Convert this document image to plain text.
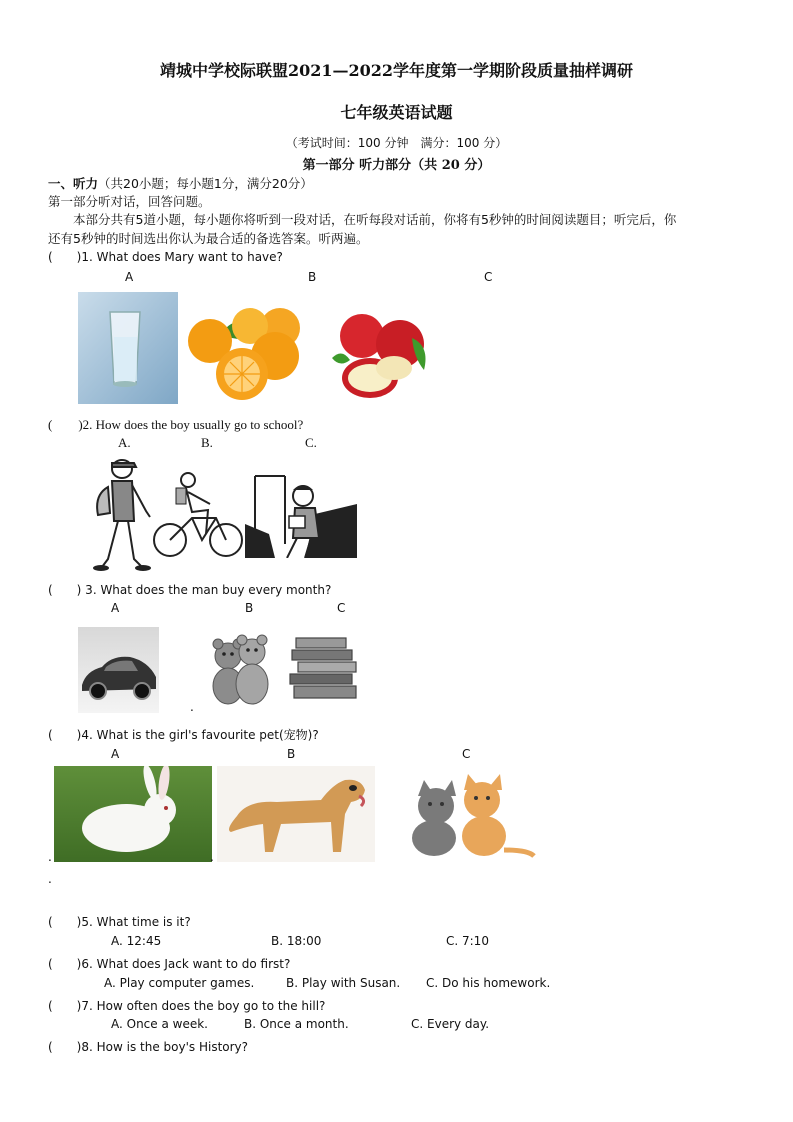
靖城中学校际联盟2021—2022学年度第一学期阶段质量抽样调研
七年级英语试题
（考试时间：100 分钟　满分：100 分）
第一部分 听力部分（共 20 分）
一、听力（共20小题；每小题1分，满分20分）
第一部分听对话，回答问题。
本部分共有5道小题，每小题你将听到一段对话，在听每段对话前，你将有5秒钟的时间阅读题目；听完后，你
还有5秒钟的时间选出你认为最合适的备选答案。听两遍。
(　　)1. What does Mary want to have?
A	B	C
(　　)2. How does the boy usually go to school?
A.	B.	C.
(　　) 3. What does the man buy every month?
A	B	C
.
(　　)4. What is the girl's favourite pet(宠物)?
A	B	C
.	.
.
(　　)5. What time is it?
A. 12:45	B. 18:00	C. 7:10
(　　)6. What does Jack want to do first?
A. Play computer games.	B. Play with Susan. C. Do his homework.
(　　)7. How often does the boy go to the hill?
A. Once a week.	B. Once a month.	C. Every day.
(　　)8. How is the boy's History?
